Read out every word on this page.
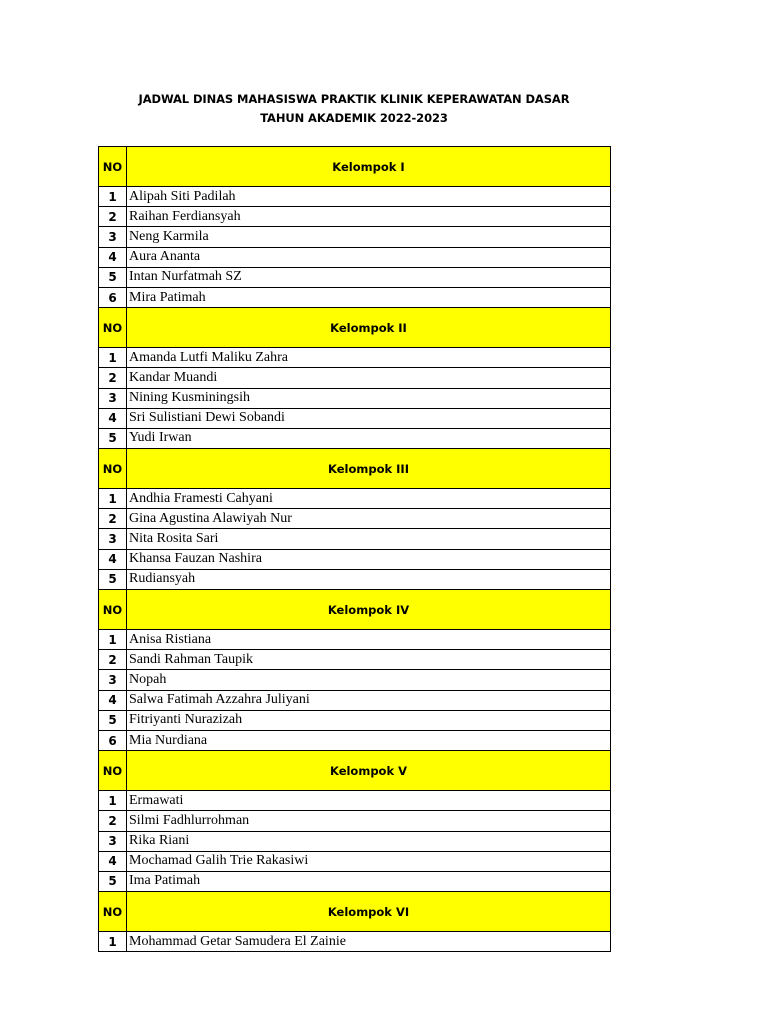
JADWAL DINAS MAHASISWA PRAKTIK KLINIK KEPERAWATAN DASAR
TAHUN AKADEMIK 2022-2023
NO	Kelompok I
1	Alipah Siti Padilah
2	Raihan Ferdiansyah
3	Neng Karmila
4	Aura Ananta
5	Intan Nurfatmah SZ
6	Mira Patimah
NO	Kelompok II
1	Amanda Lutfi Maliku Zahra
2	Kandar Muandi
3	Nining Kusminingsih
4	Sri Sulistiani Dewi Sobandi
5	Yudi Irwan
NO	Kelompok III
1	Andhia Framesti Cahyani
2	Gina Agustina Alawiyah Nur
3	Nita Rosita Sari
4	Khansa Fauzan Nashira
5	Rudiansyah
NO	Kelompok IV
1	Anisa Ristiana
2	Sandi Rahman Taupik
3	Nopah
4	Salwa Fatimah Azzahra Juliyani
5	Fitriyanti Nurazizah
6	Mia Nurdiana
NO	Kelompok V
1	Ermawati
2	Silmi Fadhlurrohman
3	Rika Riani
4	Mochamad Galih Trie Rakasiwi
5	Ima Patimah
NO	Kelompok VI
1	Mohammad Getar Samudera El Zainie
